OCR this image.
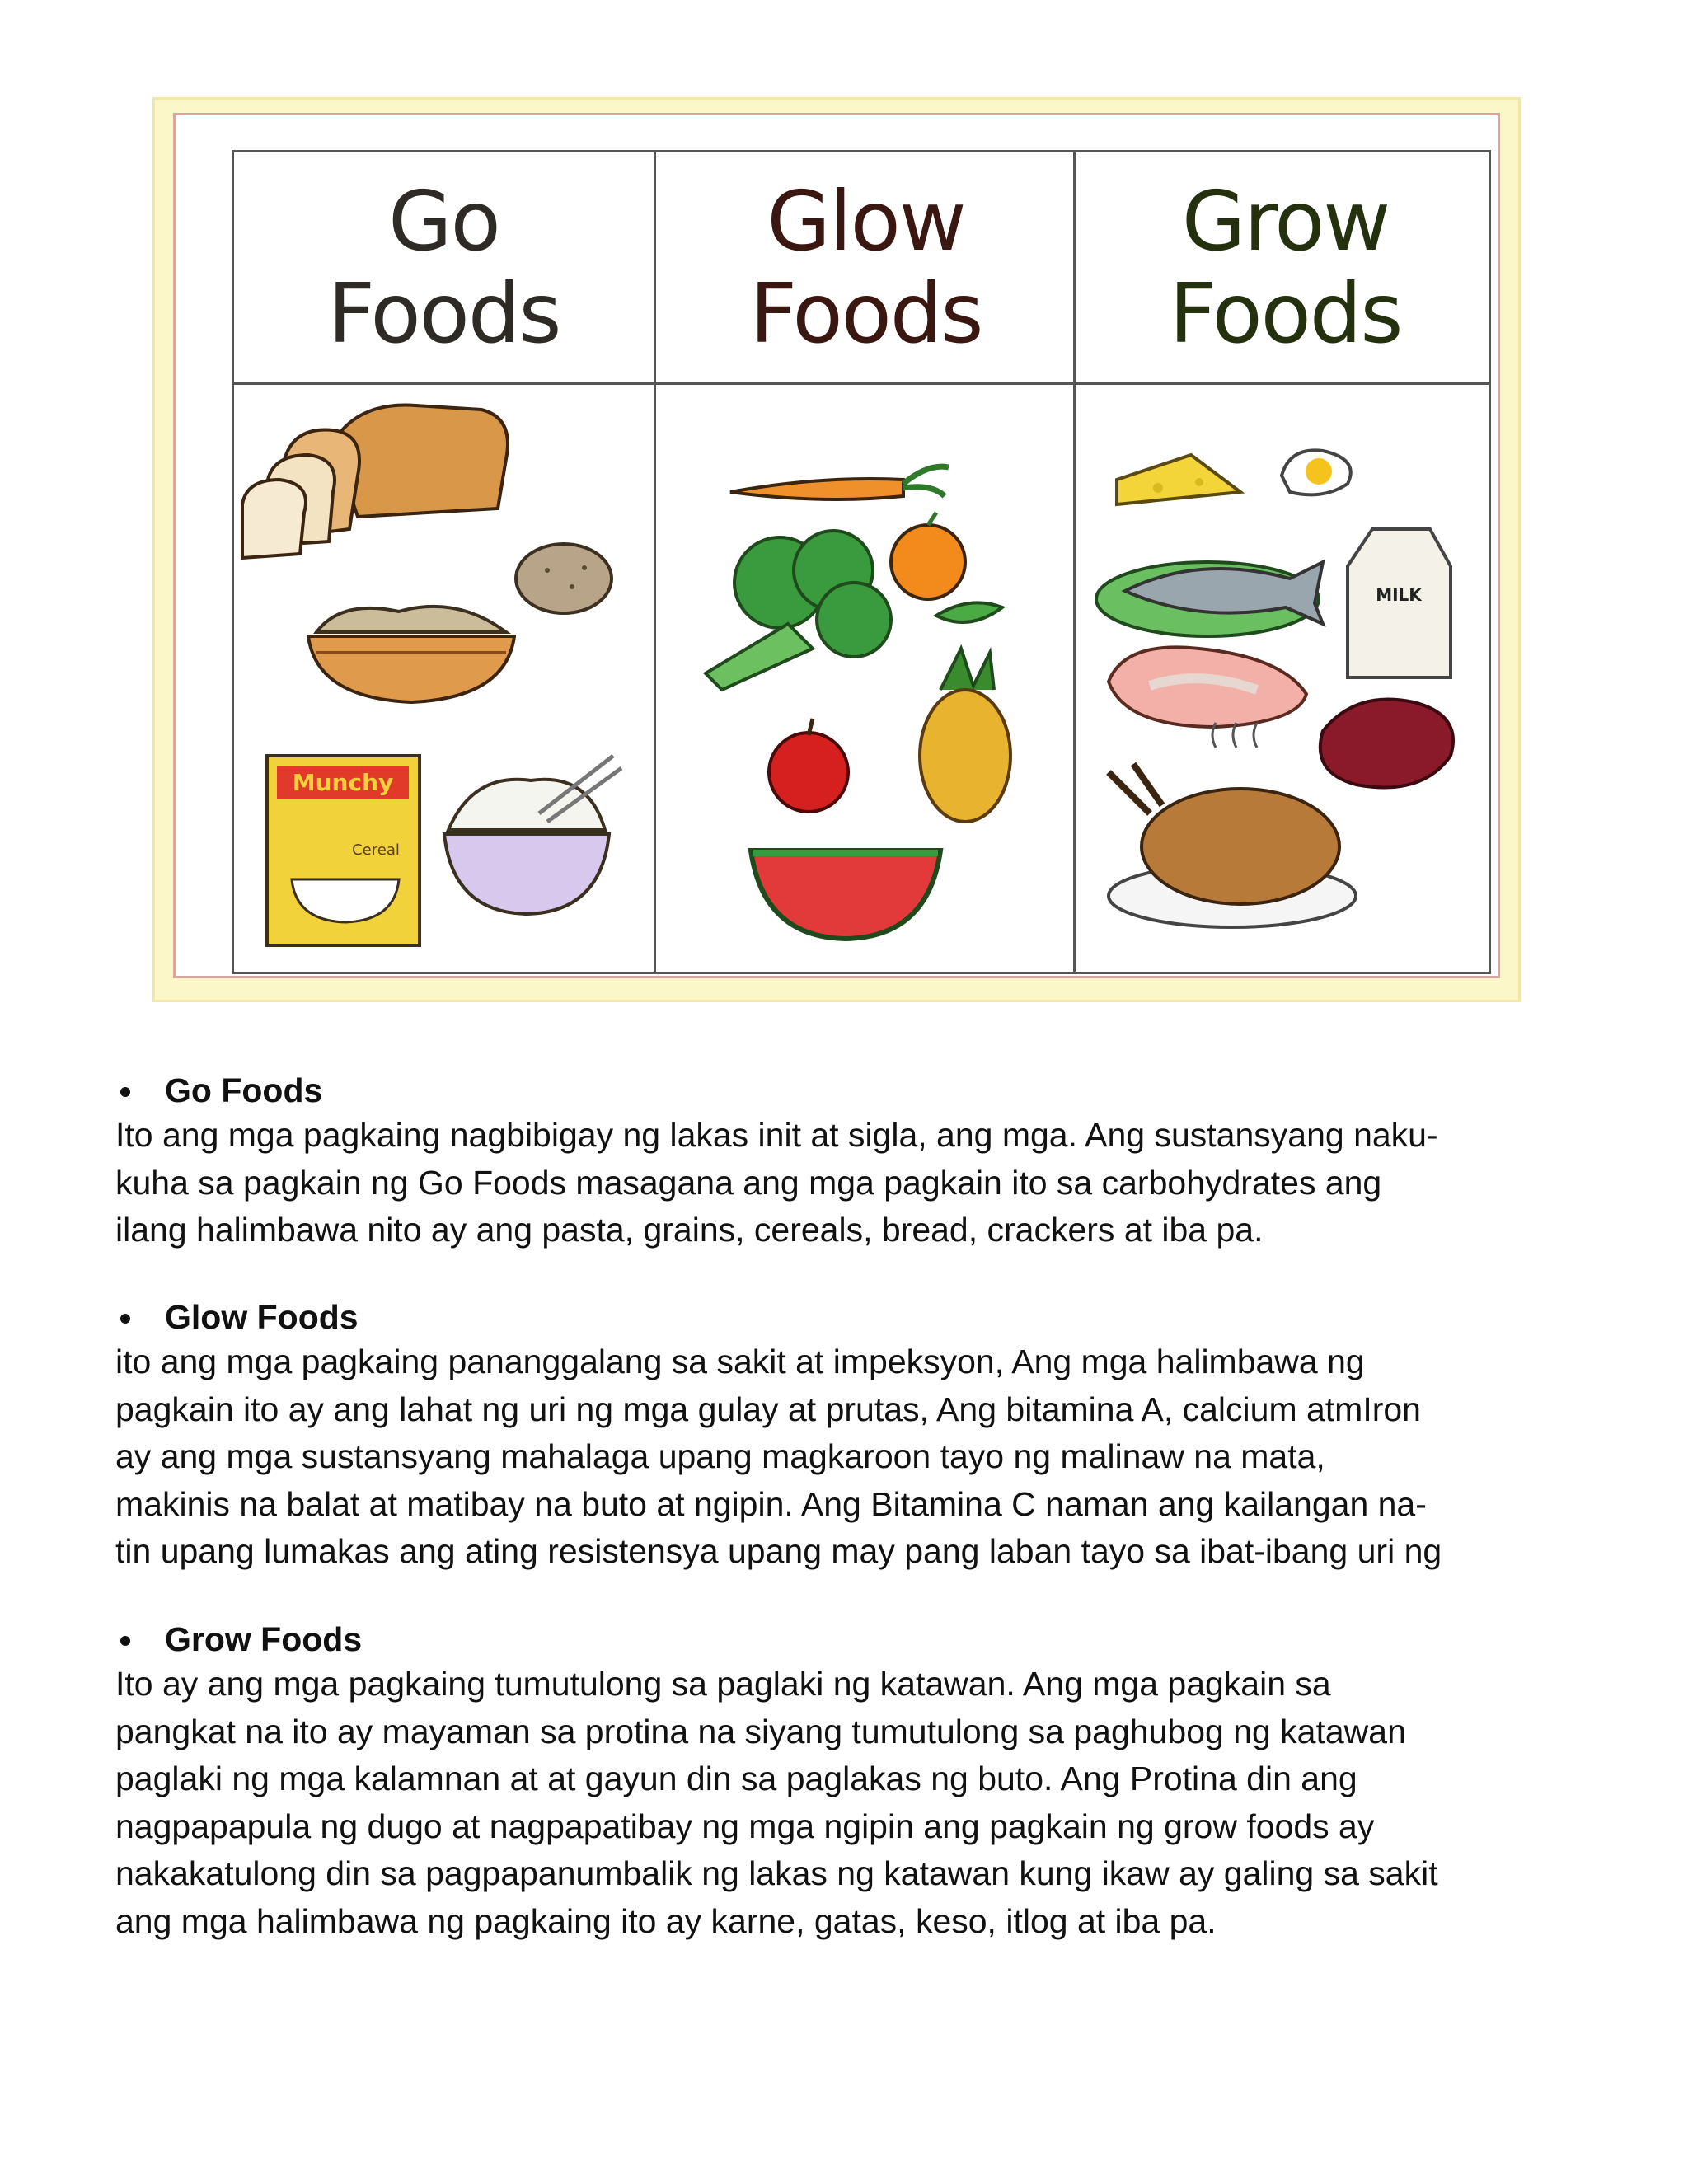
Go
Foods
Glow
Foods
Grow
Foods
Munchy
Cereal
MILK
Go Foods

Ito ang mga pagkaing nagbibigay ng lakas init at sigla, ang mga. Ang sustansyang naku-

kuha sa pagkain ng Go Foods masagana ang mga pagkain ito sa carbohydrates ang

ilang halimbawa nito ay ang pasta, grains, cereals, bread, crackers at iba pa.

Glow Foods

ito ang mga pagkaing pananggalang sa sakit at impeksyon, Ang mga halimbawa ng

pagkain ito ay ang lahat ng uri ng mga gulay at prutas, Ang bitamina A, calcium atmIron

ay ang mga sustansyang mahalaga upang magkaroon tayo ng malinaw na mata,

makinis na balat at matibay na buto at ngipin. Ang Bitamina C naman ang kailangan na-

tin upang lumakas ang ating resistensya upang may pang laban tayo sa ibat-ibang uri ng

Grow Foods

Ito ay ang mga pagkaing tumutulong sa paglaki ng katawan. Ang mga pagkain sa

pangkat na ito ay mayaman sa protina na siyang tumutulong sa paghubog ng katawan

paglaki ng mga kalamnan at at gayun din sa paglakas ng buto. Ang Protina din ang

nagpapapula ng dugo at nagpapatibay ng mga ngipin ang pagkain ng grow foods ay

nakakatulong din sa pagpapanumbalik ng lakas ng katawan kung ikaw ay galing sa sakit

ang mga halimbawa ng pagkaing ito ay karne, gatas, keso, itlog at iba pa.
